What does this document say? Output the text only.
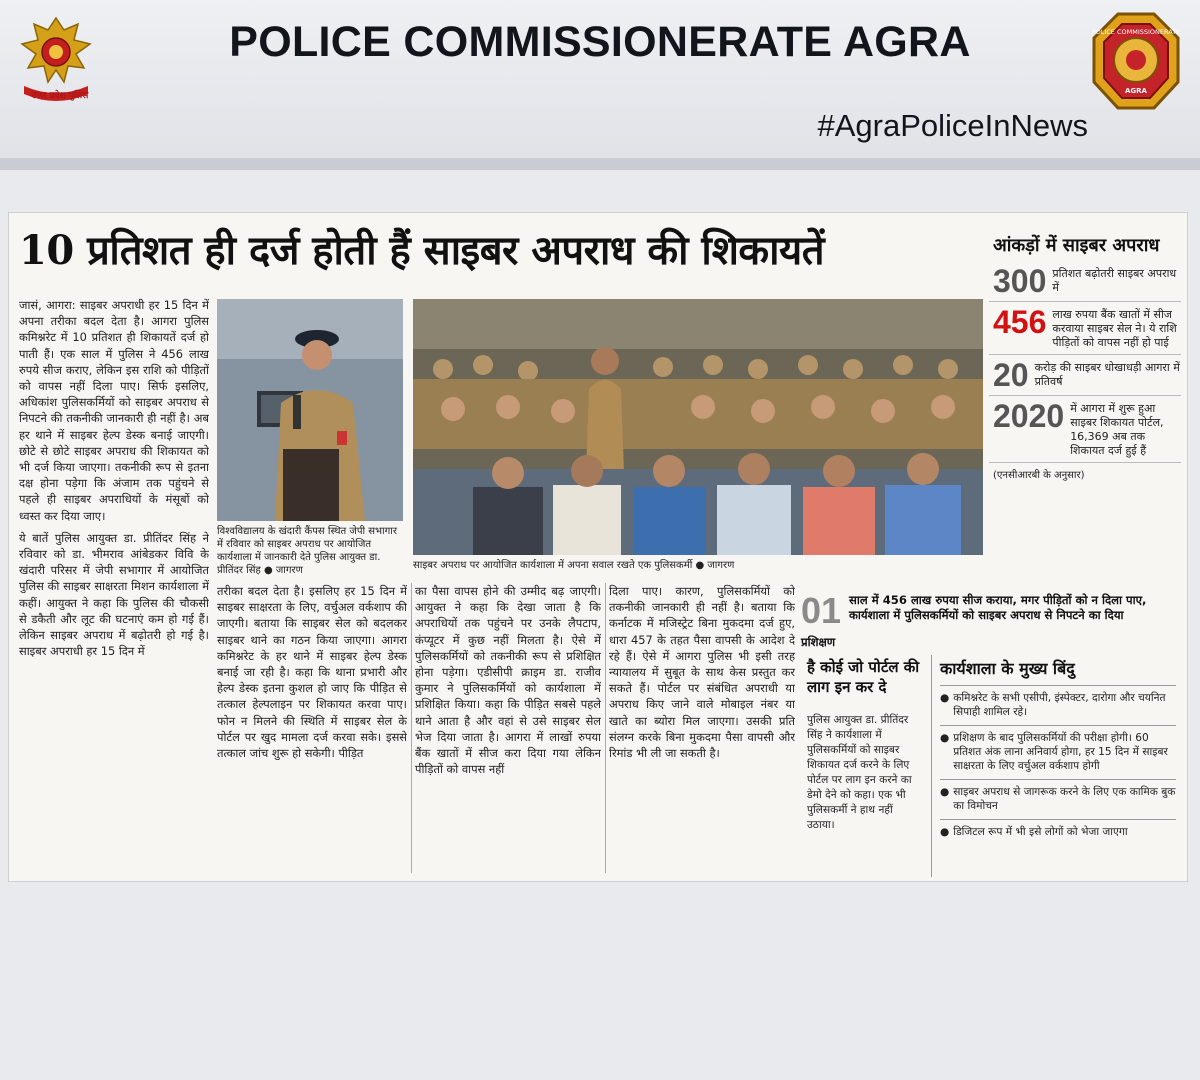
उत्तर प्रदेश पुलिस
POLICE COMMISSIONERATE AGRA	POLICE COMMISSIONERATE
AGRA
#AgraPoliceInNews
10 प्रतिशत ही दर्ज होती हैं साइबर अपराध की शिकायतें

जासं, आगरा: साइबर अपराधी हर 15 दिन में अपना तरीका बदल देता है। आगरा पुलिस कमिश्नरेट में 10 प्रतिशत ही शिकायतें दर्ज हो पाती हैं। एक साल में पुलिस ने 456 लाख रुपये सीज कराए, लेकिन इस राशि को पीड़ितों को वापस नहीं दिला पाए। सिर्फ इसलिए, अधिकांश पुलिसकर्मियों को साइबर अपराध से निपटने की तकनीकी जानकारी ही नहीं है। अब हर थाने में साइबर हेल्प डेस्क बनाई जाएगी। छोटे से छोटे साइबर अपराध की शिकायत को भी दर्ज किया जाएगा। तकनीकी रूप से इतना दक्ष होना पड़ेगा कि अंजाम तक पहुंचने से पहले ही साइबर अपराधियों के मंसूबों को ध्वस्त कर दिया जाए।

ये बातें पुलिस आयुक्त डा. प्रीतिंदर सिंह ने रविवार को डा. भीमराव आंबेडकर विवि के खंदारी परिसर में जेपी सभागार में आयोजित पुलिस की साइबर साक्षरता मिशन कार्यशाला में कहीं। आयुक्त ने कहा कि पुलिस की चौकसी से डकैती और लूट की घटनाएं कम हो गई हैं। लेकिन साइबर अपराध में बढ़ोतरी हो गई है। साइबर अपराधी हर 15 दिन में

विश्वविद्यालय के खंदारी कैंपस स्थित जेपी सभागार में रविवार को साइबर अपराध पर आयोजित कार्यशाला में जानकारी देते पुलिस आयुक्त डा. प्रीतिंदर सिंह ● जागरण	साइबर अपराध पर आयोजित कार्यशाला में अपना सवाल रखते एक पुलिसकर्मी ● जागरण
तरीका बदल देता है। इसलिए हर 15 दिन में साइबर साक्षरता के लिए, वर्चुअल वर्कशाप की जाएगी। बताया कि साइबर सेल को बदलकर साइबर थाने का गठन किया जाएगा। आगरा कमिश्नरेट के हर थाने में साइबर हेल्प डेस्क बनाई जा रही है। कहा कि थाना प्रभारी और हेल्प डेस्क इतना कुशल हो जाए कि पीड़ित से तत्काल हेल्पलाइन पर शिकायत करवा पाए। फोन न मिलने की स्थिति में साइबर सेल के पोर्टल पर खुद मामला दर्ज करवा सके। इससे तत्काल जांच शुरू हो सकेगी। पीड़ित
का पैसा वापस होने की उम्मीद बढ़ जाएगी। आयुक्त ने कहा कि देखा जाता है कि अपराधियों तक पहुंचने पर उनके लैपटाप, कंप्यूटर में कुछ नहीं मिलता है। ऐसे में पुलिसकर्मियों को तकनीकी रूप से प्रशिक्षित होना पड़ेगा। एडीसीपी क्राइम डा. राजीव कुमार ने पुलिसकर्मियों को कार्यशाला में प्रशिक्षित किया। कहा कि पीड़ित सबसे पहले थाने आता है और वहां से उसे साइबर सेल भेज दिया जाता है। आगरा में लाखों रुपया बैंक खातों में सीज करा दिया गया लेकिन पीड़ितों को वापस नहीं
दिला पाए। कारण, पुलिसकर्मियों को तकनीकी जानकारी ही नहीं है। बताया कि कर्नाटक में मजिस्ट्रेट बिना मुकदमा दर्ज हुए, धारा 457 के तहत पैसा वापसी के आदेश दे रहे हैं। ऐसे में आगरा पुलिस भी इसी तरह न्यायालय में सुबूत के साथ केस प्रस्तुत कर सकते हैं। पोर्टल पर संबंधित अपराधी या अपराध किए जाने वाले मोबाइल नंबर या खाते का ब्योरा मिल जाएगा। उसकी प्रति संलग्न करके बिना मुकदमा पैसा वापसी और रिमांड भी ली जा सकती है।
आंकड़ों में साइबर अपराध
300 प्रतिशत बढ़ोतरी साइबर अपराध में
456 लाख रुपया बैंक खातों में सीज करवाया साइबर सेल ने। ये राशि पीड़ितों को वापस नहीं हो पाई
20 करोड़ की साइबर धोखाधड़ी आगरा में प्रतिवर्ष
2020 में आगरा में शुरू हुआ साइबर शिकायत पोर्टल, 16,369 अब तक शिकायत दर्ज हुई हैं
(एनसीआरबी के अनुसार)
01 साल में 456 लाख रुपया सीज कराया, मगर पीड़ितों को न दिला पाए, कार्यशाला में पुलिसकर्मियों को साइबर अपराध से निपटने का दिया
प्रशिक्षण
है कोई जो पोर्टल की लाग इन कर दे
पुलिस आयुक्त डा. प्रीतिंदर सिंह ने कार्यशाला में पुलिसकर्मियों को साइबर शिकायत दर्ज करने के लिए पोर्टल पर लाग इन करने का डेमो देने को कहा। एक भी पुलिसकर्मी ने हाथ नहीं उठाया।
कार्यशाला के मुख्य बिंदु
● कमिश्नरेट के सभी एसीपी, इंस्पेक्टर, दारोगा और चयनित सिपाही शामिल रहे।
● प्रशिक्षण के बाद पुलिसकर्मियों की परीक्षा होगी। 60 प्रतिशत अंक लाना अनिवार्य होगा, हर 15 दिन में साइबर साक्षरता के लिए वर्चुअल वर्कशाप होगी
● साइबर अपराध से जागरूक करने के लिए एक कामिक बुक का विमोचन
● डिजिटल रूप में भी इसे लोगों को भेजा जाएगा
